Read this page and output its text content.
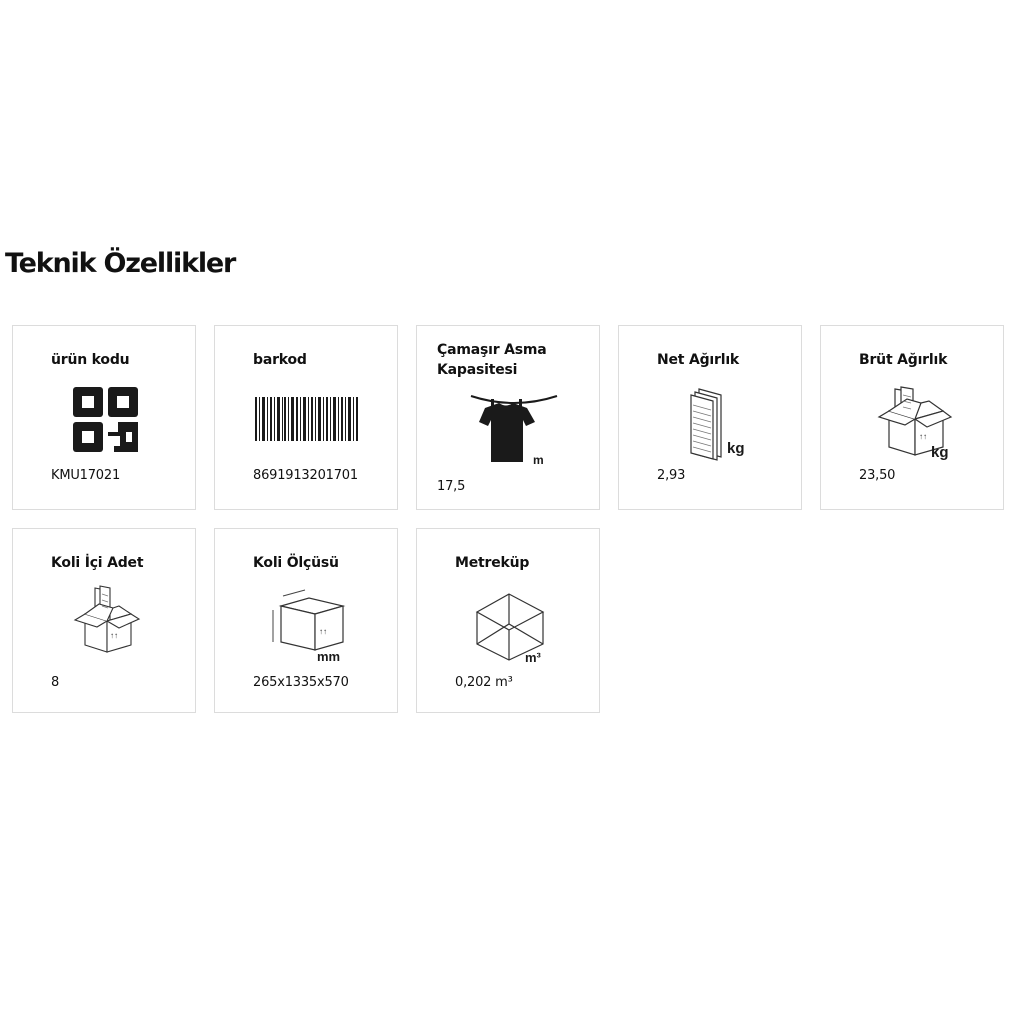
Teknik Özellikler
ürün kodu
KMU17021
barkod
8691913201701
Çamaşır Asma Kapasitesi
m
17,5
Net Ağırlık
kg
2,93
Brüt Ağırlık
↑↑
kg
23,50
Koli İçi Adet
↑↑
8
Koli Ölçüsü
↑↑
mm
265x1335x570
Metreküp
m³
0,202 m³
